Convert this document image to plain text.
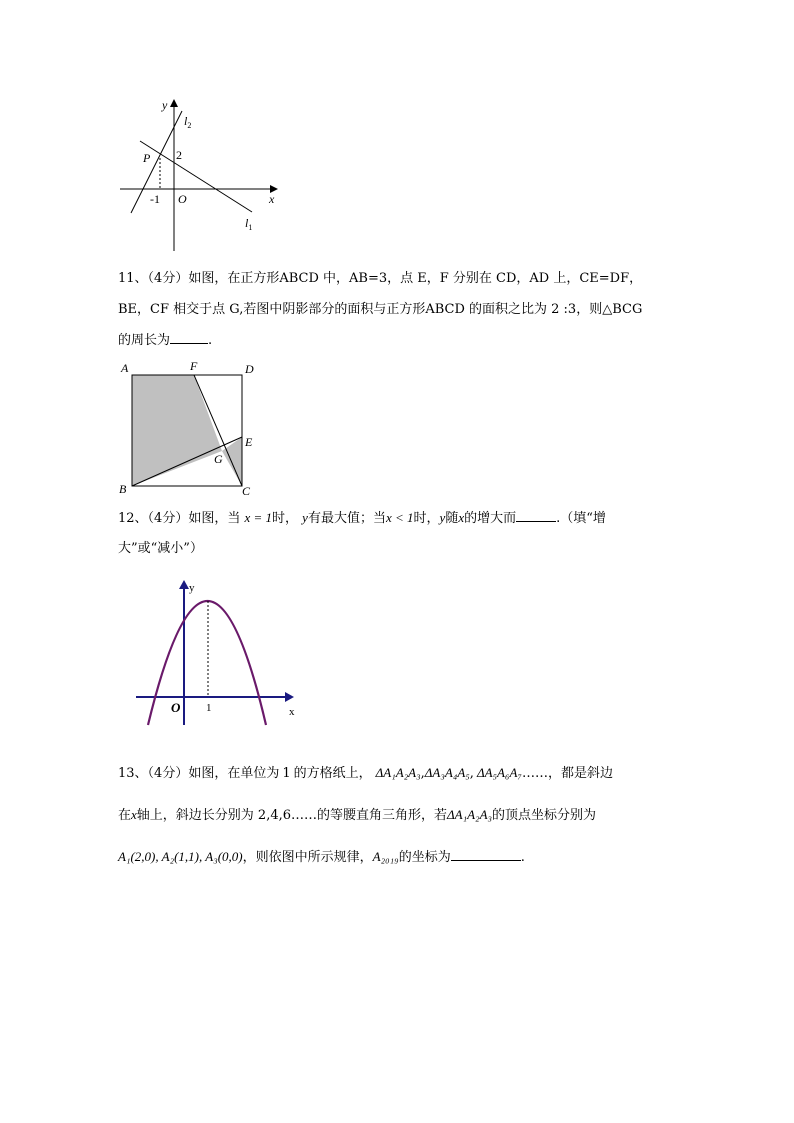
y
x
O
$l_2$
$l_1$
P 2
-1
11、（4分）如图，在正方形ABCD 中，AB=3，点 E，F 分别在 CD，AD 上，CE=DF，
BE，CF 相交于点 G,若图中阴影部分的面积与正方形ABCD 的面积之比为 2 :3，则△BCG
的周长为	.
A	F	D
E
G
B	C
12、（4分）如图，当 x = 1时， y有最大值；当x < 1时，y随x的增大而	.（填“增
大”或“减小”）
y
x
O 1
13、（4分）如图，在单位为 1 的方格纸上， ΔA₁A₂A₃,ΔA₃A₄A₅, ΔA₅A₆A₇……，都是斜边
在x轴上，斜边长分别为 2,4,6……的等腰直角三角形，若ΔA₁A₂A₃的顶点坐标分别为
A₁(2,0), A₂(1,1), A₃(0,0)，则依图中所示规律，A₂₀₁₉的坐标为	.
